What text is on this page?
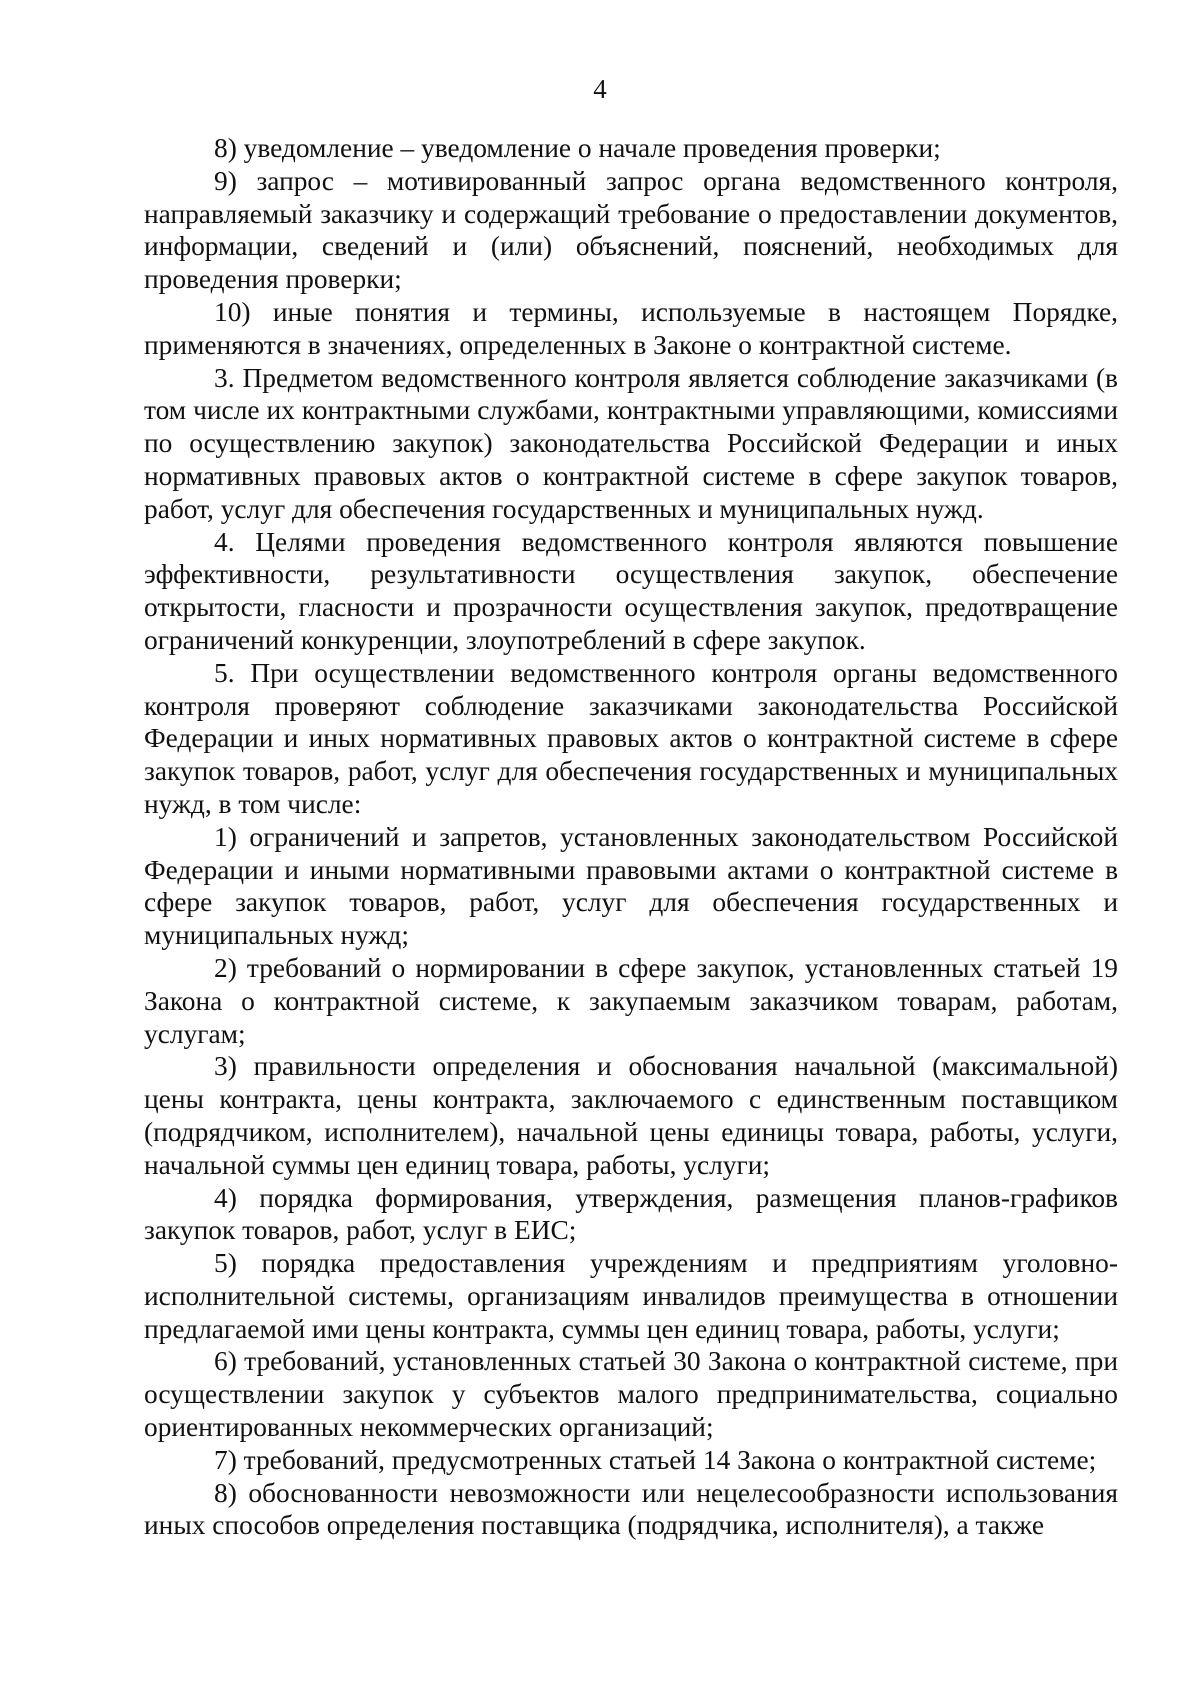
4

8) уведомление – уведомление о начале проведения проверки;

9) запрос – мотивированный запрос органа ведомственного контроля, направляемый заказчику и содержащий требование о предоставлении документов, информации, сведений и (или) объяснений, пояснений, необходимых для проведения проверки;

10) иные понятия и термины, используемые в настоящем Порядке, применяются в значениях, определенных в Законе о контрактной системе.

3. Предметом ведомственного контроля является соблюдение заказчиками (в том числе их контрактными службами, контрактными управляющими, комиссиями по осуществлению закупок) законодательства Российской Федерации и иных нормативных правовых актов о контрактной системе в сфере закупок товаров, работ, услуг для обеспечения государственных и муниципальных нужд.

4. Целями проведения ведомственного контроля являются повышение эффективности, результативности осуществления закупок, обеспечение открытости, гласности и прозрачности осуществления закупок, предотвращение ограничений конкуренции, злоупотреблений в сфере закупок.

5. При осуществлении ведомственного контроля органы ведомственного контроля проверяют соблюдение заказчиками законодательства Российской Федерации и иных нормативных правовых актов о контрактной системе в сфере закупок товаров, работ, услуг для обеспечения государственных и муниципальных нужд, в том числе:

1) ограничений и запретов, установленных законодательством Российской Федерации и иными нормативными правовыми актами о контрактной системе в сфере закупок товаров, работ, услуг для обеспечения государственных и муниципальных нужд;

2) требований о нормировании в сфере закупок, установленных статьей 19 Закона о контрактной системе, к закупаемым заказчиком товарам, работам, услугам;

3) правильности определения и обоснования начальной (максимальной) цены контракта, цены контракта, заключаемого с единственным поставщиком (подрядчиком, исполнителем), начальной цены единицы товара, работы, услуги, начальной суммы цен единиц товара, работы, услуги;

4) порядка формирования, утверждения, размещения планов-графиков закупок товаров, работ, услуг в ЕИС;

5) порядка предоставления учреждениям и предприятиям уголовно-исполнительной системы, организациям инвалидов преимущества в отношении предлагаемой ими цены контракта, суммы цен единиц товара, работы, услуги;

6) требований, установленных статьей 30 Закона о контрактной системе, при осуществлении закупок у субъектов малого предпринимательства, социально ориентированных некоммерческих организаций;

7) требований, предусмотренных статьей 14 Закона о контрактной системе;

8) обоснованности невозможности или нецелесообразности использования иных способов определения поставщика (подрядчика, исполнителя), а также
